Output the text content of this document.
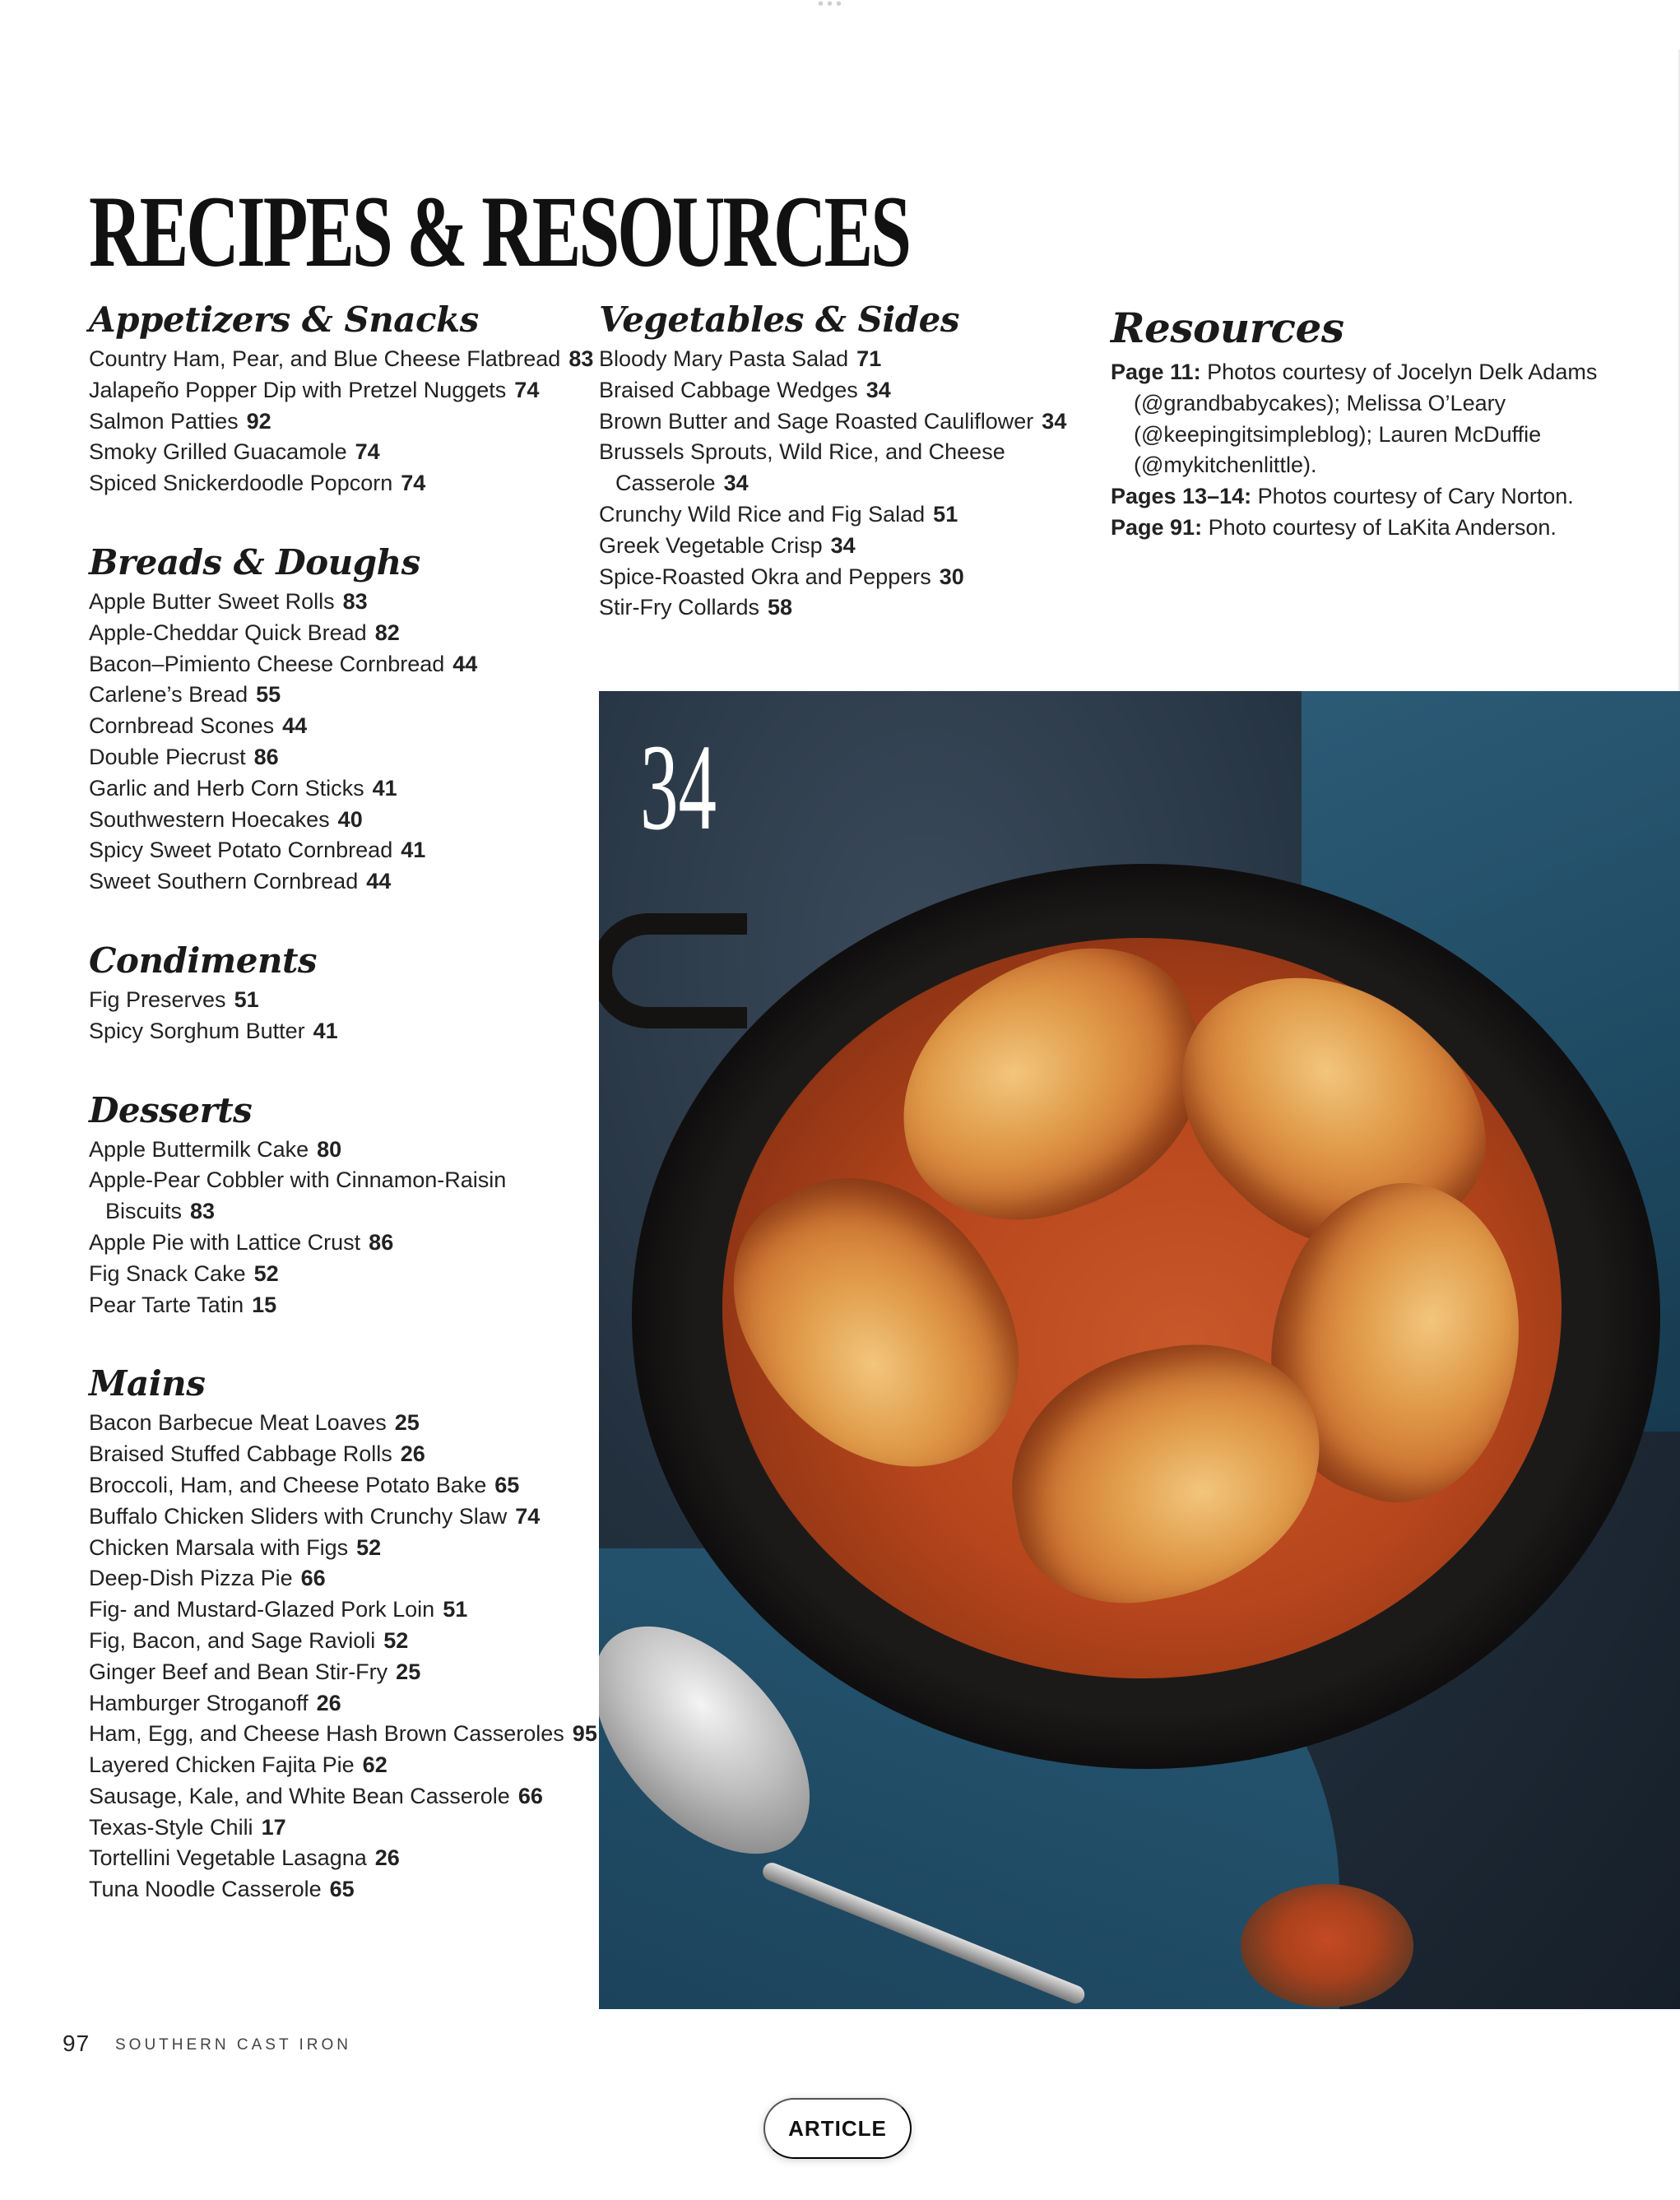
•••
RECIPES & RESOURCES
Appetizers & Snacks

Country Ham, Pear, and Blue Cheese Flatbread 83

Jalapeño Popper Dip with Pretzel Nuggets 74

Salmon Patties 92

Smoky Grilled Guacamole 74

Spiced Snickerdoodle Popcorn 74

Breads & Doughs

Apple Butter Sweet Rolls 83

Apple-Cheddar Quick Bread 82

Bacon–Pimiento Cheese Cornbread 44

Carlene’s Bread 55

Cornbread Scones 44

Double Piecrust 86

Garlic and Herb Corn Sticks 41

Southwestern Hoecakes 40

Spicy Sweet Potato Cornbread 41

Sweet Southern Cornbread 44

Condiments

Fig Preserves 51

Spicy Sorghum Butter 41

Desserts

Apple Buttermilk Cake 80

Apple-Pear Cobbler with Cinnamon-Raisin Biscuits 83

Apple Pie with Lattice Crust 86

Fig Snack Cake 52

Pear Tarte Tatin 15

Mains

Bacon Barbecue Meat Loaves 25

Braised Stuffed Cabbage Rolls 26

Broccoli, Ham, and Cheese Potato Bake 65

Buffalo Chicken Sliders with Crunchy Slaw 74

Chicken Marsala with Figs 52

Deep-Dish Pizza Pie 66

Fig- and Mustard-Glazed Pork Loin 51

Fig, Bacon, and Sage Ravioli 52

Ginger Beef and Bean Stir-Fry 25

Hamburger Stroganoff 26

Ham, Egg, and Cheese Hash Brown Casseroles 95

Layered Chicken Fajita Pie 62

Sausage, Kale, and White Bean Casserole 66

Texas-Style Chili 17

Tortellini Vegetable Lasagna 26

Tuna Noodle Casserole 65

Vegetables & Sides

Bloody Mary Pasta Salad 71

Braised Cabbage Wedges 34

Brown Butter and Sage Roasted Cauliflower 34

Brussels Sprouts, Wild Rice, and Cheese Casserole 34

Crunchy Wild Rice and Fig Salad 51

Greek Vegetable Crisp 34

Spice-Roasted Okra and Peppers 30

Stir-Fry Collards 58

Resources

Page 11: Photos courtesy of Jocelyn Delk Adams (@grandbabycakes); Melissa O’Leary (@keepingitsimpleblog); Lauren McDuffie (@mykitchenlittle).

Pages 13–14: Photos courtesy of Cary Norton.

Page 91: Photo courtesy of LaKita Anderson.

34
97 SOUTHERN CAST IRON
ARTICLE
